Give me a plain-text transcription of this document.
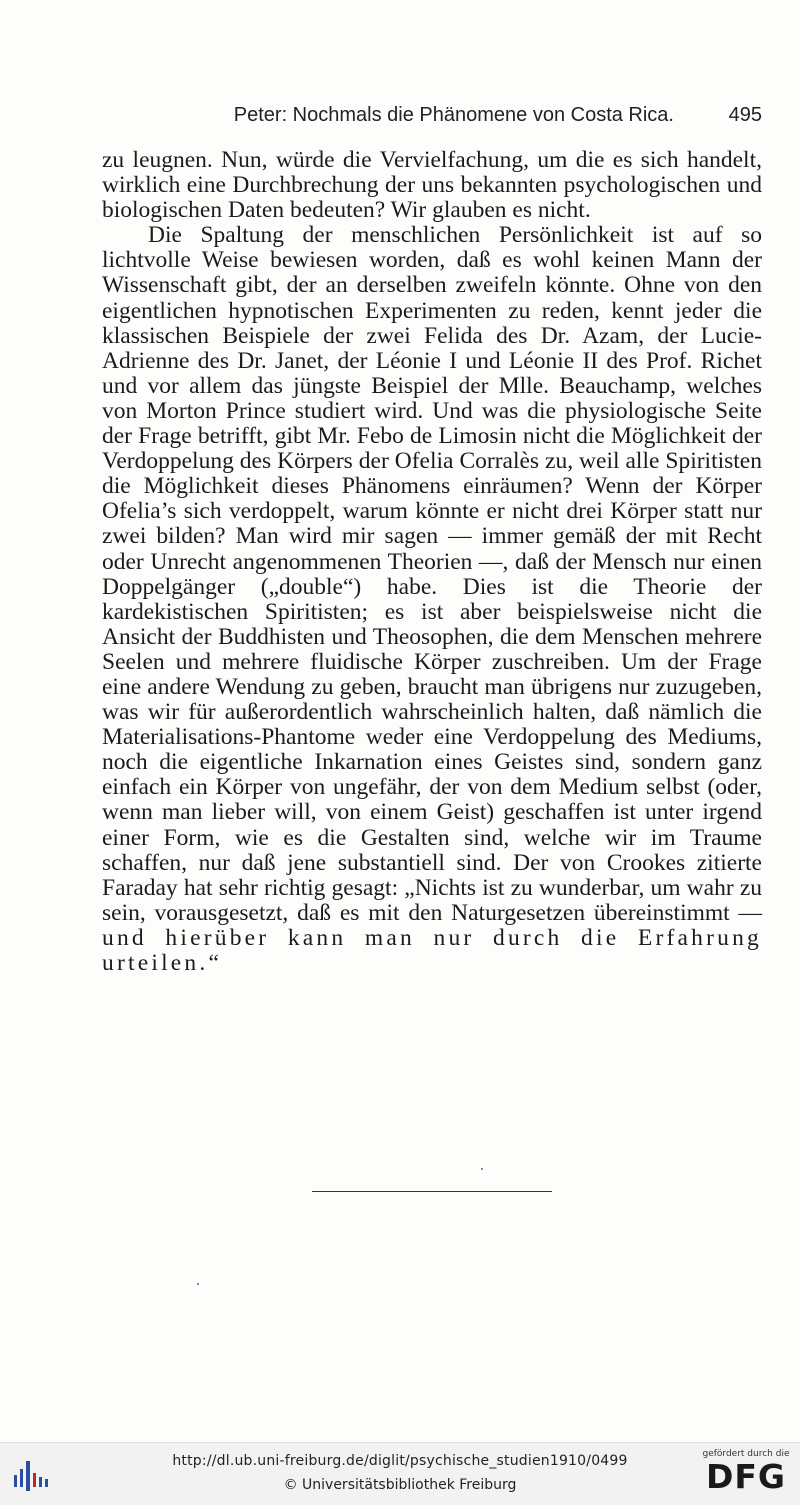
Peter: Nochmals die Phänomene von Costa Rica.	495

zu leugnen. Nun, würde die Vervielfachung, um die es sich handelt, wirklich eine Durchbrechung der uns bekannten psychologischen und biologischen Daten bedeuten? Wir glauben es nicht.

Die Spaltung der menschlichen Persönlichkeit ist auf so lichtvolle Weise bewiesen worden, daß es wohl keinen Mann der Wissenschaft gibt, der an derselben zweifeln könnte. Ohne von den eigentlichen hypnotischen Experimenten zu reden, kennt jeder die klassischen Beispiele der zwei Felida des Dr. Azam, der Lucie-Adrienne des Dr. Janet, der Léonie I und Léonie II des Prof. Richet und vor allem das jüngste Beispiel der Mlle. Beauchamp, welches von Morton Prince studiert wird. Und was die physiologische Seite der Frage betrifft, gibt Mr. Febo de Limosin nicht die Möglichkeit der Verdoppelung des Körpers der Ofelia Corralès zu, weil alle Spiritisten die Möglichkeit dieses Phänomens einräumen? Wenn der Körper Ofelia’s sich verdoppelt, warum könnte er nicht drei Körper statt nur zwei bilden? Man wird mir sagen — immer gemäß der mit Recht oder Unrecht angenommenen Theorien —, daß der Mensch nur einen Doppelgänger („double“) habe. Dies ist die Theorie der kardekistischen Spiritisten; es ist aber beispielsweise nicht die Ansicht der Buddhisten und Theosophen, die dem Menschen mehrere Seelen und mehrere fluidische Körper zuschreiben. Um der Frage eine andere Wendung zu geben, braucht man übrigens nur zuzugeben, was wir für außerordentlich wahrscheinlich halten, daß nämlich die Materialisations-Phantome weder eine Verdoppelung des Mediums, noch die eigentliche Inkarnation eines Geistes sind, sondern ganz einfach ein Körper von ungefähr, der von dem Medium selbst (oder, wenn man lieber will, von einem Geist) geschaffen ist unter irgend einer Form, wie es die Gestalten sind, welche wir im Traume schaffen, nur daß jene substantiell sind. Der von Crookes zitierte Faraday hat sehr richtig gesagt: „Nichts ist zu wunderbar, um wahr zu sein, vorausgesetzt, daß es mit den Naturgesetzen übereinstimmt — und hierüber kann man nur durch die Erfahrung urteilen.“

http://dl.ub.uni-freiburg.de/diglit/psychische_studien1910/0499
© Universitätsbibliothek Freiburg
gefördert durch die
DFG
